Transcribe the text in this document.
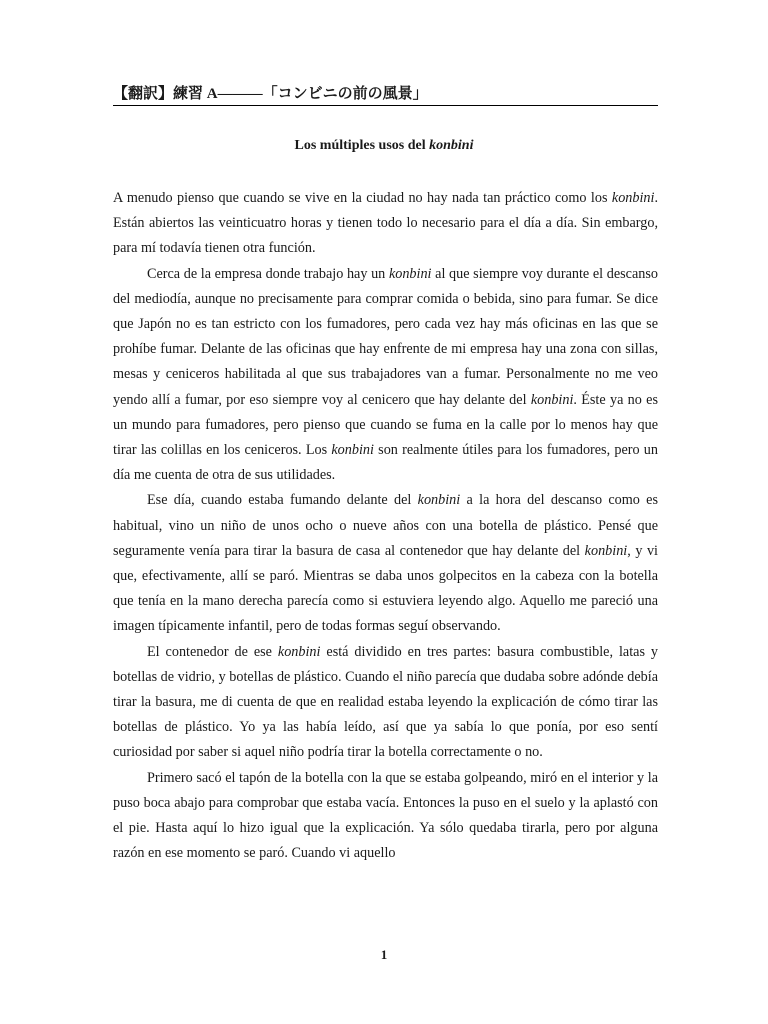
【翻訳】練習 A―――「コンビニの前の風景」
Los múltiples usos del konbini

A menudo pienso que cuando se vive en la ciudad no hay nada tan práctico como los konbini. Están abiertos las veinticuatro horas y tienen todo lo necesario para el día a día. Sin embargo, para mí todavía tienen otra función.

Cerca de la empresa donde trabajo hay un konbini al que siempre voy durante el descanso del mediodía, aunque no precisamente para comprar comida o bebida, sino para fumar. Se dice que Japón no es tan estricto con los fumadores, pero cada vez hay más oficinas en las que se prohíbe fumar. Delante de las oficinas que hay enfrente de mi empresa hay una zona con sillas, mesas y ceniceros habilitada al que sus trabajadores van a fumar. Personalmente no me veo yendo allí a fumar, por eso siempre voy al cenicero que hay delante del konbini. Éste ya no es un mundo para fumadores, pero pienso que cuando se fuma en la calle por lo menos hay que tirar las colillas en los ceniceros. Los konbini son realmente útiles para los fumadores, pero un día me cuenta de otra de sus utilidades.

Ese día, cuando estaba fumando delante del konbini a la hora del descanso como es habitual, vino un niño de unos ocho o nueve años con una botella de plástico. Pensé que seguramente venía para tirar la basura de casa al contenedor que hay delante del konbini, y vi que, efectivamente, allí se paró. Mientras se daba unos golpecitos en la cabeza con la botella que tenía en la mano derecha parecía como si estuviera leyendo algo. Aquello me pareció una imagen típicamente infantil, pero de todas formas seguí observando.

El contenedor de ese konbini está dividido en tres partes: basura combustible, latas y botellas de vidrio, y botellas de plástico. Cuando el niño parecía que dudaba sobre adónde debía tirar la basura, me di cuenta de que en realidad estaba leyendo la explicación de cómo tirar las botellas de plástico. Yo ya las había leído, así que ya sabía lo que ponía, por eso sentí curiosidad por saber si aquel niño podría tirar la botella correctamente o no.

Primero sacó el tapón de la botella con la que se estaba golpeando, miró en el interior y la puso boca abajo para comprobar que estaba vacía. Entonces la puso en el suelo y la aplastó con el pie. Hasta aquí lo hizo igual que la explicación. Ya sólo quedaba tirarla, pero por alguna razón en ese momento se paró. Cuando vi aquello

1
